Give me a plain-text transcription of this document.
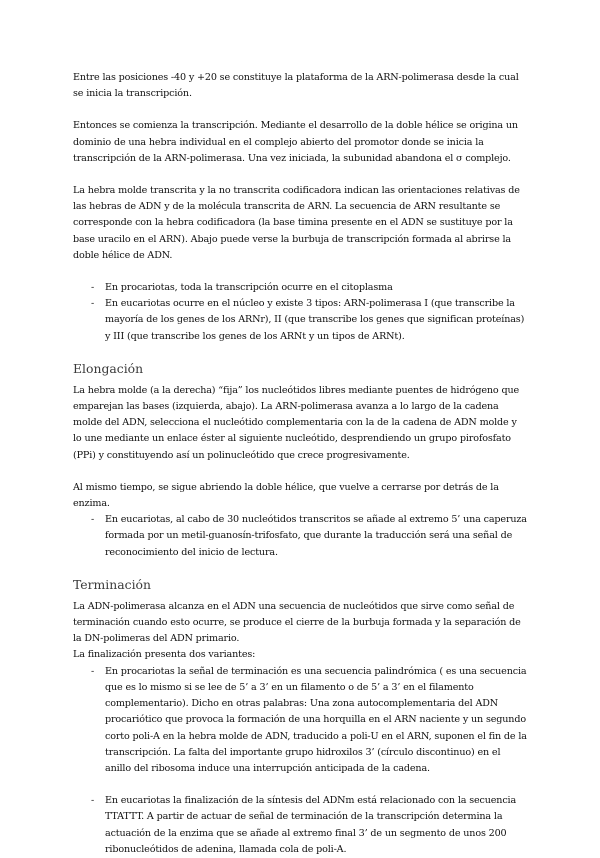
Entre las posiciones -40 y +20 se constituye la plataforma de la ARN-polimerasa desde la cual se inicia la transcripción.

Entonces se comienza la transcripción. Mediante el desarrollo de la doble hélice se origina un dominio de una hebra individual en el complejo abierto del promotor donde se inicia la transcripción de la ARN-polimerasa. Una vez iniciada, la subunidad abandona el σ complejo.

La hebra molde transcrita y la no transcrita codificadora indican las orientaciones relativas de las hebras de ADN y de la molécula transcrita de ARN. La secuencia de ARN resultante se corresponde con la hebra codificadora (la base timina presente en el ADN se sustituye por la base uracilo en el ARN). Abajo puede verse la burbuja de transcripción formada al abrirse la doble hélice de ADN.

- En procariotas, toda la transcripción ocurre en el citoplasma
- En eucariotas ocurre en el núcleo y existe 3 tipos: ARN-polimerasa I (que transcribe la mayoría de los genes de los ARNr), II (que transcribe los genes que significan proteínas) y III (que transcribe los genes de los ARNt y un tipos de ARNt).
Elongación

La hebra molde (a la derecha) “fija” los nucleótidos libres mediante puentes de hidrógeno que emparejan las bases (izquierda, abajo). La ARN-polimerasa avanza a lo largo de la cadena molde del ADN, selecciona el nucleótido complementaria con la de la cadena de ADN molde y lo une mediante un enlace éster al siguiente nucleótido, desprendiendo un grupo pirofosfato (PPi) y constituyendo así un polinucleótido que crece progresivamente.

Al mismo tiempo, se sigue abriendo la doble hélice, que vuelve a cerrarse por detrás de la enzima.

- En eucariotas, al cabo de 30 nucleótidos transcritos se añade al extremo 5’ una caperuza formada por un metil-guanosín-trifosfato, que durante la traducción será una señal de reconocimiento del inicio de lectura.
Terminación

La ADN-polimerasa alcanza en el ADN una secuencia de nucleótidos que sirve como señal de terminación cuando esto ocurre, se produce el cierre de la burbuja formada y la separación de la DN-polimeras del ADN primario.

La finalización presenta dos variantes:

- En procariotas la señal de terminación es una secuencia palindrómica ( es una secuencia que es lo mismo si se lee de 5’ a 3’ en un filamento o de 5’ a 3’ en el filamento complementario). Dicho en otras palabras: Una zona autocomplementaria del ADN procariótico que provoca la formación de una horquilla en el ARN naciente y un segundo corto poli-A en la hebra molde de ADN, traducido a poli-U en el ARN, suponen el fin de la transcripción. La falta del importante grupo hidroxilos 3’ (círculo discontinuo) en el anillo del ribosoma induce una interrupción anticipada de la cadena.
- En eucariotas la finalización de la síntesis del ADNm está relacionado con la secuencia TTATTT. A partir de actuar de señal de terminación de la transcripción determina la actuación de la enzima que se añade al extremo final 3’ de un segmento de unos 200 ribonucleótidos de adenina, llamada cola de poli-A.
